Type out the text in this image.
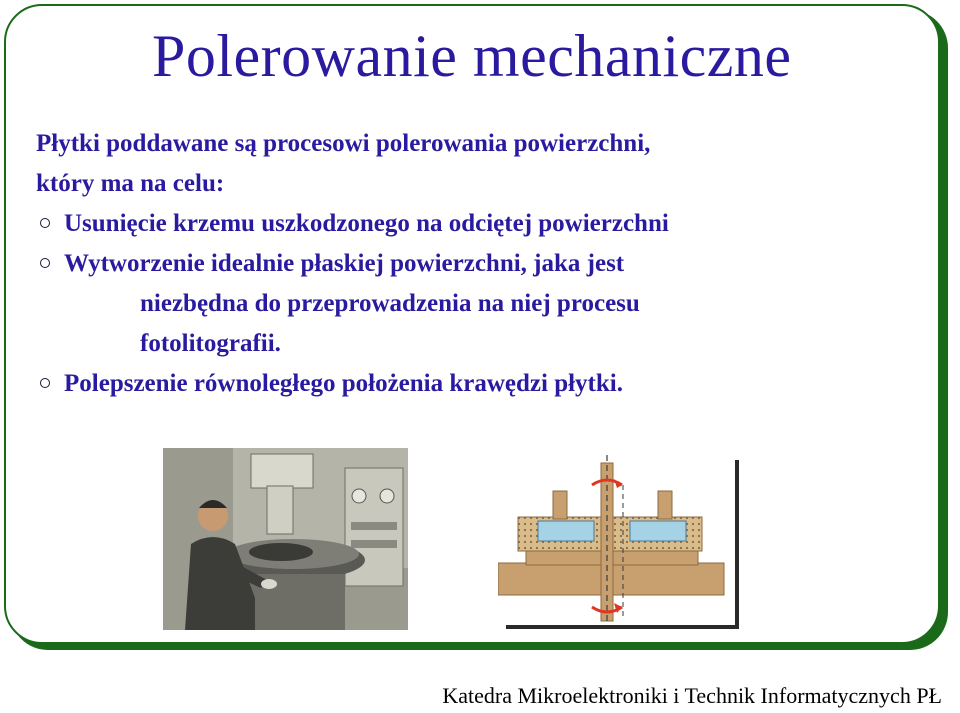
Polerowanie mechaniczne

Płytki poddawane są procesowi polerowania powierzchni,
który ma na celu:

Usunięcie krzemu uszkodzonego na odciętej powierzchni
Wytworzenie idealnie płaskiej powierzchni, jaka jest
niezbędna do przeprowadzenia na niej procesu
fotolitografii.
Polepszenie równoległego położenia krawędzi płytki.
Katedra Mikroelektroniki i Technik Informatycznych PŁ
